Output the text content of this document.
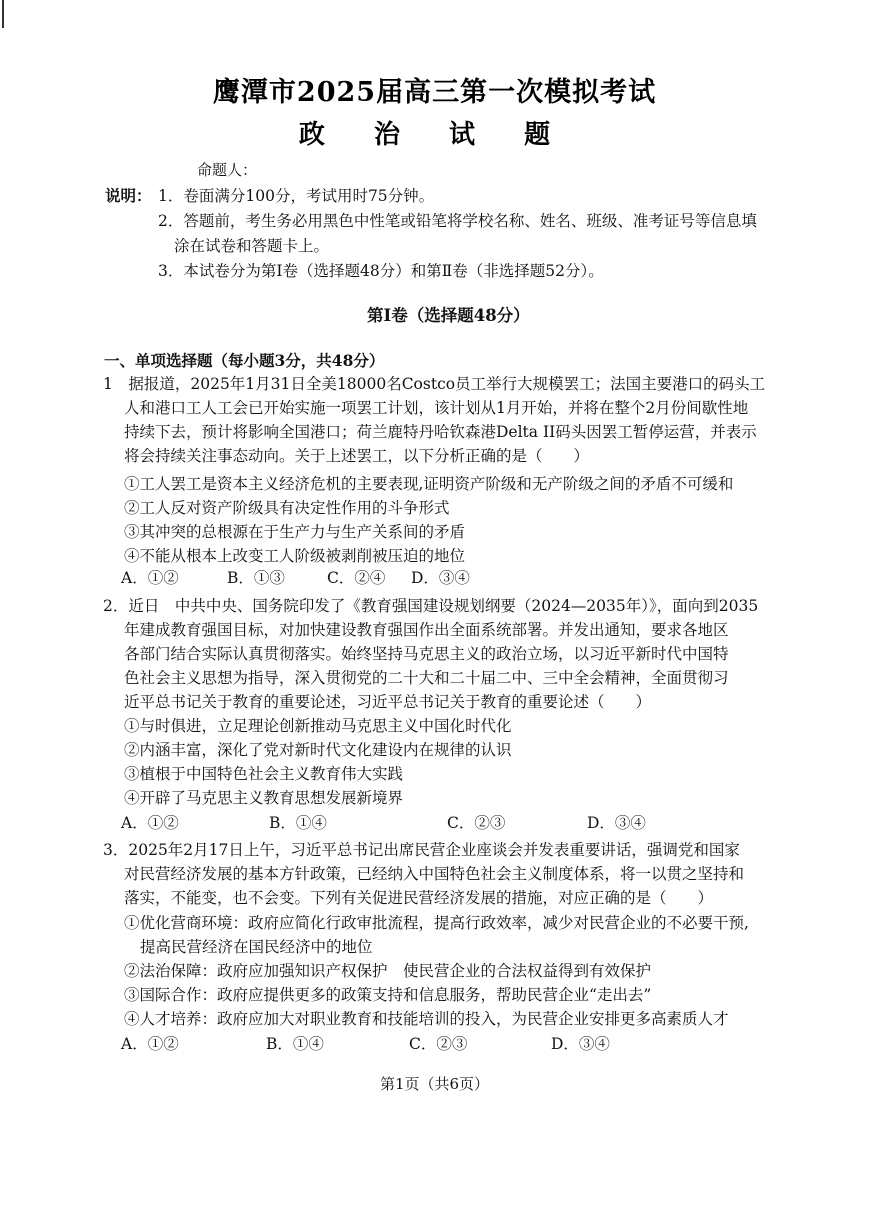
鹰潭市2025届高三第一次模拟考试
政 治 试 题
命题人：
说明： 1．卷面满分100分，考试用时75分钟。
2．答题前，考生务必用黑色中性笔或铅笔将学校名称、姓名、班级、准考证号等信息填
涂在试卷和答题卡上。
3．本试卷分为第Ⅰ卷（选择题48分）和第Ⅱ卷（非选择题52分）。
第Ⅰ卷（选择题48分）
一、单项选择题（每小题3分，共48分）
1　据报道，2025年1月31日全美18000名Costco员工举行大规模罢工；法国主要港口的码头工
人和港口工人工会已开始实施一项罢工计划，该计划从1月开始，并将在整个2月份间歇性地
持续下去，预计将影响全国港口；荷兰鹿特丹哈钦森港Delta II码头因罢工暂停运营，并表示
将会持续关注事态动向。关于上述罢工，以下分析正确的是（　　）
①工人罢工是资本主义经济危机的主要表现,证明资产阶级和无产阶级之间的矛盾不可缓和
②工人反对资产阶级具有决定性作用的斗争形式
③其冲突的总根源在于生产力与生产关系间的矛盾
④不能从根本上改变工人阶级被剥削被压迫的地位
A．①②	B．①③	C．②④ D．③④
2．近日　中共中央、国务院印发了《教育强国建设规划纲要（2024—2035年）》，面向到2035
年建成教育强国目标，对加快建设教育强国作出全面系统部署。并发出通知，要求各地区
各部门结合实际认真贯彻落实。始终坚持马克思主义的政治立场，以习近平新时代中国特
色社会主义思想为指导，深入贯彻党的二十大和二十届二中、三中全会精神，全面贯彻习
近平总书记关于教育的重要论述，习近平总书记关于教育的重要论述（　　）
①与时俱进，立足理论创新推动马克思主义中国化时代化
②内涵丰富，深化了党对新时代文化建设内在规律的认识
③植根于中国特色社会主义教育伟大实践
④开辟了马克思主义教育思想发展新境界
A．①②	B．①④	C．②③	D．③④
3．2025年2月17日上午，习近平总书记出席民营企业座谈会并发表重要讲话，强调党和国家
对民营经济发展的基本方针政策，已经纳入中国特色社会主义制度体系，将一以贯之坚持和
落实，不能变，也不会变。下列有关促进民营经济发展的措施，对应正确的是（　　）
①优化营商环境：政府应简化行政审批流程，提高行政效率，减少对民营企业的不必要干预,
提高民营经济在国民经济中的地位
②法治保障：政府应加强知识产权保护　使民营企业的合法权益得到有效保护
③国际合作：政府应提供更多的政策支持和信息服务，帮助民营企业“走出去”
④人才培养：政府应加大对职业教育和技能培训的投入，为民营企业安排更多高素质人才
A．①②	B．①④	C．②③	D．③④
第1页（共6页）
